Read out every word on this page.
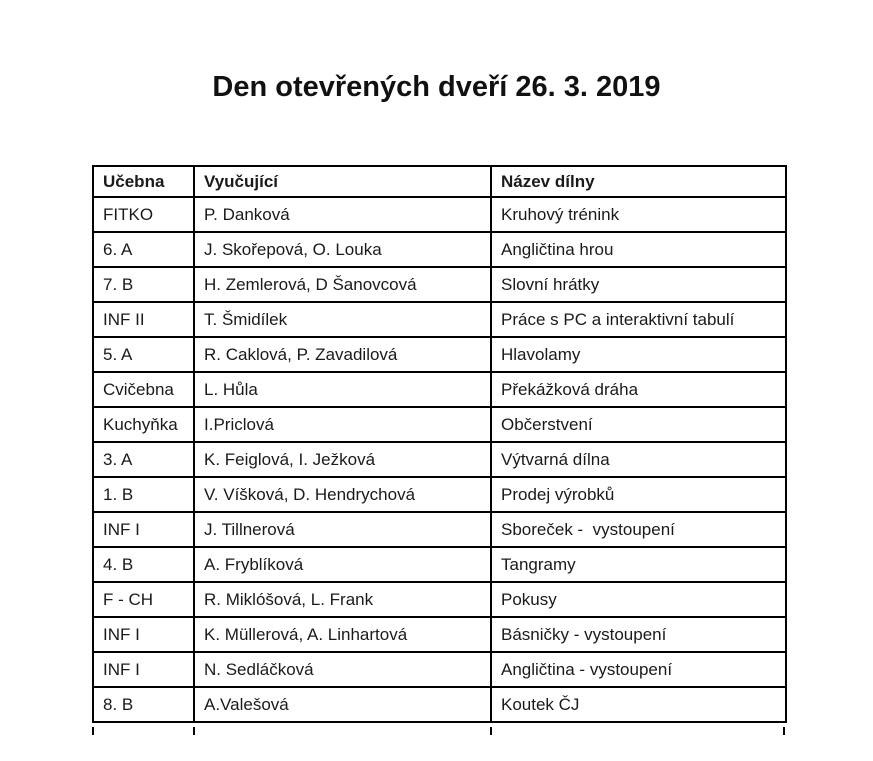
Den otevřených dveří 26. 3. 2019
Učebna	Vyučující	Název dílny
FITKO	P. Danková	Kruhový trénink
6. A	J. Skořepová, O. Louka	Angličtina hrou
7. B	H. Zemlerová, D Šanovcová	Slovní hrátky
INF II	T. Šmidílek	Práce s PC a interaktivní tabulí
5. A	R. Caklová, P. Zavadilová	Hlavolamy
Cvičebna	L. Hůla	Překážková dráha
Kuchyňka	I.Priclová	Občerstvení
3. A	K. Feiglová, I. Ježková	Výtvarná dílna
1. B	V. Víšková, D. Hendrychová	Prodej výrobků
INF I	J. Tillnerová	Sboreček -  vystoupení
4. B	A. Fryblíková	Tangramy
F - CH	R. Miklóšová, L. Frank	Pokusy
INF I	K. Müllerová, A. Linhartová	Básničky - vystoupení
INF I	N. Sedláčková	Angličtina - vystoupení
8. B	A.Valešová	Koutek ČJ
